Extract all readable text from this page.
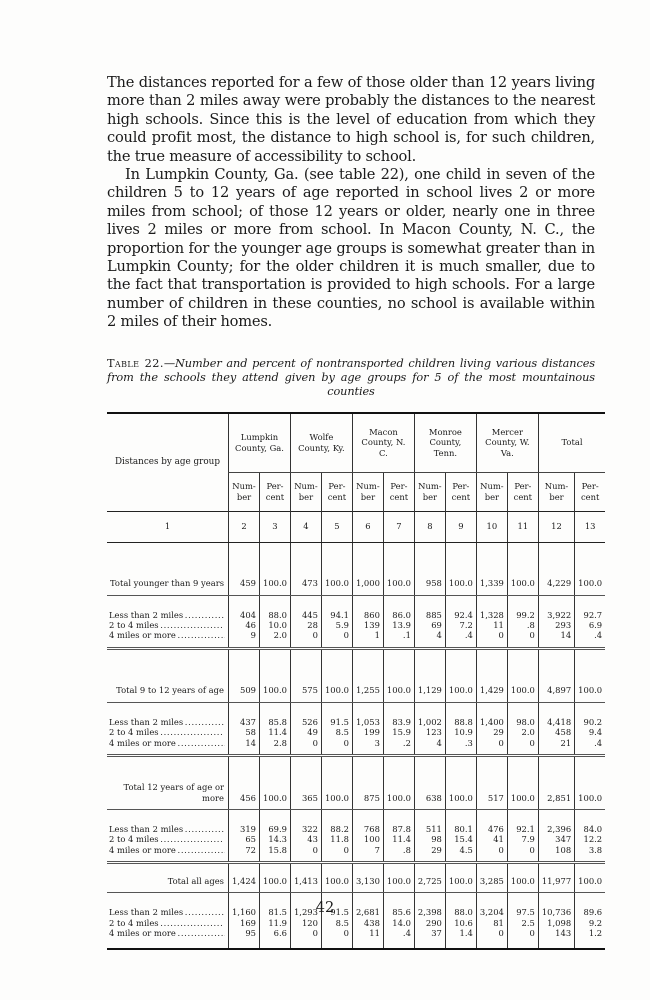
The distances reported for a few of those older than 12 years living more than 2 miles away were probably the distances to the nearest high schools. Since this is the level of education from which they could profit most, the distance to high school is, for such children, the true measure of accessibility to school.

In Lumpkin County, Ga. (see table 22), one child in seven of the children 5 to 12 years of age reported in school lives 2 or more miles from school; of those 12 years or older, nearly one in three lives 2 miles or more from school. In Macon County, N. C., the proportion for the younger age groups is somewhat greater than in Lumpkin County; for the older children it is much smaller, due to the fact that transportation is provided to high schools. For a large number of children in these counties, no school is available within 2 miles of their homes.

Table 22.—Number and percent of nontransported children living various distances from the schools they attend given by age groups for 5 of the most mountainous counties
Distances by age group	Lumpkin County, Ga.		Wolfe County, Ky.		Macon County, N. C.		Monroe County, Tenn.		Mercer County, W. Va.		Total	
	Num- ber	Per- cent	Num- ber	Per- cent	Num- ber	Per- cent	Num- ber	Per- cent	Num- ber	Per- cent	Num- ber	Per- cent
1	2	3	4	5	6	7	8	9	10	11	12	13

Total younger than 9 years	459	100.0	473	100.0	1,000	100.0	958	100.0	1,339	100.0	4,229	100.0

Less than 2 miles . . .	404	88.0	445	94.1	860	86.0	885	92.4	1,328	99.2	3,922	92.7

2 to 4 miles . . .	46	10.0	28	5.9	139	13.9	69	7.2	11	.8	293	6.9

4 miles or more . . .	9	2.0	0	0	1	.1	4	.4	0	0	14	.4

Total 9 to 12 years of age	509	100.0	575	100.0	1,255	100.0	1,129	100.0	1,429	100.0	4,897	100.0

Less than 2 miles . . .	437	85.8	526	91.5	1,053	83.9	1,002	88.8	1,400	98.0	4,418	90.2

2 to 4 miles . . .	58	11.4	49	8.5	199	15.9	123	10.9	29	2.0	458	9.4

4 miles or more . . .	14	2.8	0	0	3	.2	4	.3	0	0	21	.4

Total 12 years of age or more	456	100.0	365	100.0	875	100.0	638	100.0	517	100.0	2,851	100.0

Less than 2 miles . . .	319	69.9	322	88.2	768	87.8	511	80.1	476	92.1	2,396	84.0

2 to 4 miles . . .	65	14.3	43	11.8	100	11.4	98	15.4	41	7.9	347	12.2

4 miles or more . . .	72	15.8	0	0	7	.8	29	4.5	0	0	108	3.8

Total all ages	1,424	100.0	1,413	100.0	3,130	100.0	2,725	100.0	3,285	100.0	11,977	100.0

Less than 2 miles . . .	1,160	81.5	1,293	91.5	2,681	85.6	2,398	88.0	3,204	97.5	10,736	89.6

2 to 4 miles . . .	169	11.9	120	8.5	438	14.0	290	10.6	81	2.5	1,098	9.2

4 miles or more . . .	95	6.6	0	0	11	.4	37	1.4	0	0	143	1.2

42
